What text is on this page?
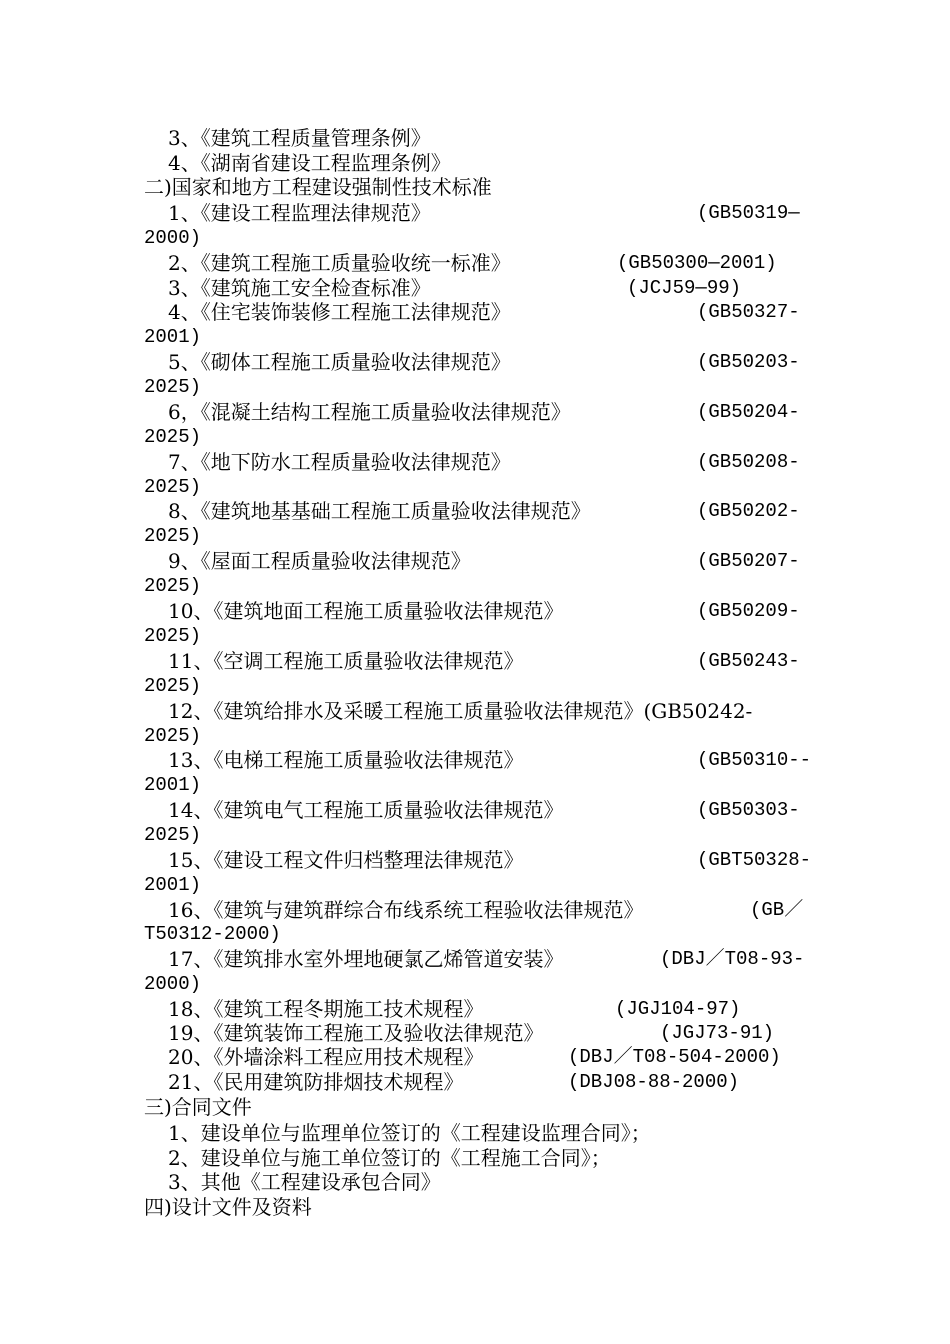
3、《建筑工程质量管理条例》
4、《湖南省建设工程监理条例》
二)国家和地方工程建设强制性技术标准
1、《建设工程监理法律规范》	(GB50319—
2000)
2、《建筑工程施工质量验收统一标准》	(GB50300—2001)
3、《建筑施工安全检查标准》	(JCJ59—99)
4、《住宅装饰装修工程施工法律规范》	(GB50327-
2001)
5、《砌体工程施工质量验收法律规范》	(GB50203-
2025)
6，《混凝土结构工程施工质量验收法律规范》	(GB50204-
2025)
7、《地下防水工程质量验收法律规范》	(GB50208-
2025)
8、《建筑地基基础工程施工质量验收法律规范》	(GB50202-
2025)
9、《屋面工程质量验收法律规范》	(GB50207-
2025)
10、《建筑地面工程施工质量验收法律规范》	(GB50209-
2025)
11、《空调工程施工质量验收法律规范》	(GB50243-
2025)
12、《建筑给排水及采暖工程施工质量验收法律规范》(GB50242-
2025)
13、《电梯工程施工质量验收法律规范》	(GB50310--
2001)
14、《建筑电气工程施工质量验收法律规范》	(GB50303-
2025)
15、《建设工程文件归档整理法律规范》	(GBT50328-
2001)
16、《建筑与建筑群综合布线系统工程验收法律规范》	(GB／
T50312-2000)
17、《建筑排水室外埋地硬氯乙烯管道安装》	(DBJ／T08-93-
2000)
18、《建筑工程冬期施工技术规程》	(JGJ104-97)
19、《建筑装饰工程施工及验收法律规范》	(JGJ73-91)
20、《外墙涂料工程应用技术规程》	(DBJ／T08-504-2000)
21、《民用建筑防排烟技术规程》	(DBJ08-88-2000)
三)合同文件
1、建设单位与监理单位签订的《工程建设监理合同》；
2、建设单位与施工单位签订的《工程施工合同》；
3、其他《工程建设承包合同》
四)设计文件及资料
